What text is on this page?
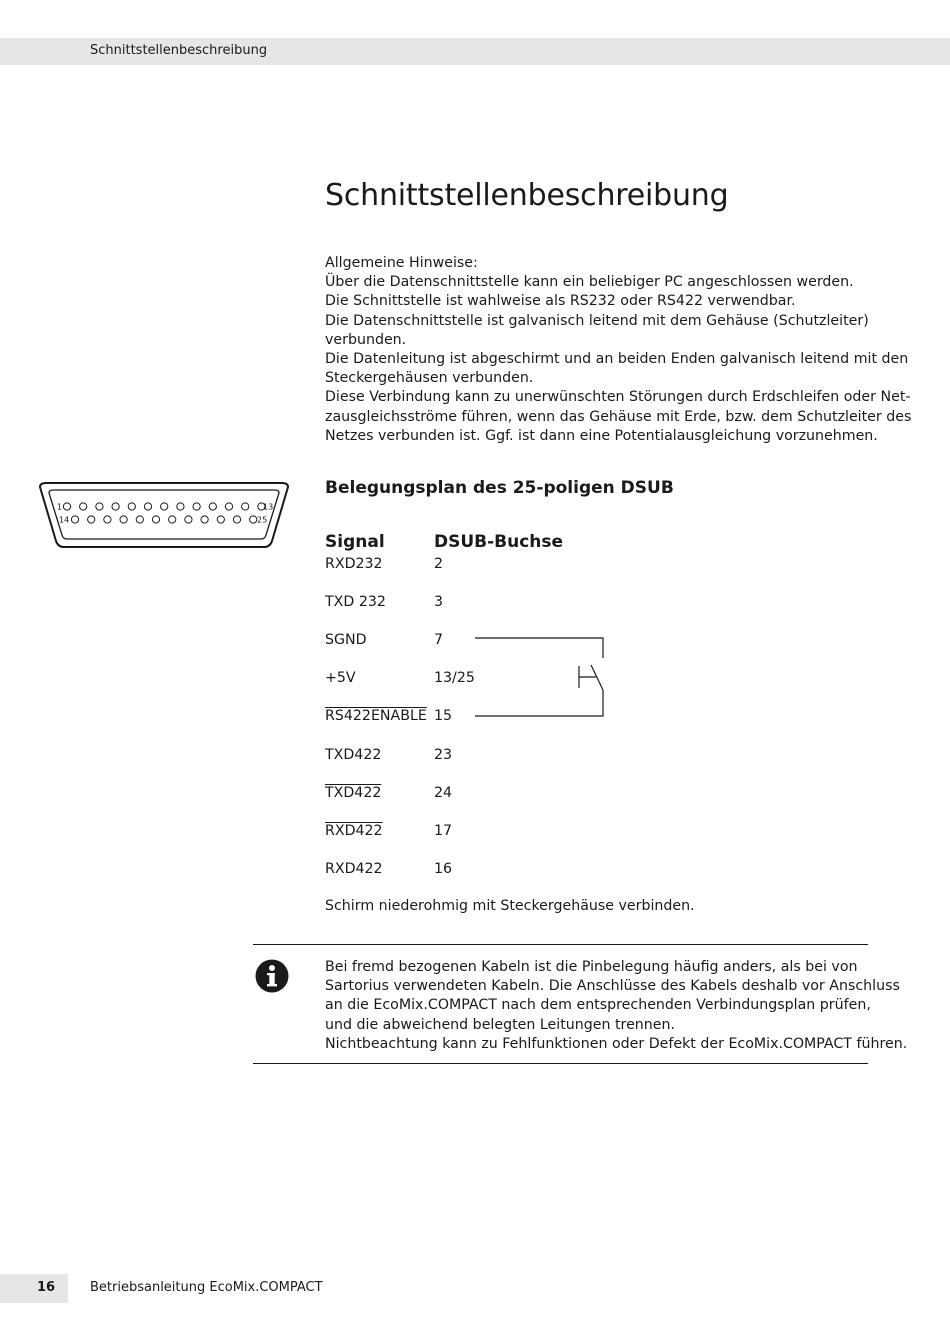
Schnittstellenbeschreibung
Schnittstellenbeschreibung
Allgemeine Hinweise:
Über die Datenschnittstelle kann ein beliebiger PC angeschlossen werden.
Die Schnittstelle ist wahlweise als RS232 oder RS422 verwendbar.
Die Datenschnittstelle ist galvanisch leitend mit dem Gehäuse (Schutzleiter)
verbunden.
Die Datenleitung ist abgeschirmt und an beiden Enden galvanisch leitend mit den
Steckergehäusen verbunden.
Diese Verbindung kann zu unerwünschten Störungen durch Erdschleifen oder Net-
zausgleichsströme führen, wenn das Gehäuse mit Erde, bzw. dem Schutzleiter des
Netzes verbunden ist. Ggf. ist dann eine Potentialausgleichung vorzunehmen.
1	13
14	25
Belegungsplan des 25-poligen DSUB
Signal	DSUB-Buchse
RXD232	2
TXD 232	3
SGND	7
+5V	13/25
RS422ENABLE 15
TXD422	23
TXD422	24
RXD422	17
RXD422	16
Schirm niederohmig mit Steckergehäuse verbinden.
Bei fremd bezogenen Kabeln ist die Pinbelegung häufig anders, als bei von
Sartorius verwendeten Kabeln. Die Anschlüsse des Kabels deshalb vor Anschluss
an die EcoMix.COMPACT nach dem entsprechenden Verbindungsplan prüfen,
und die abweichend belegten Leitungen trennen.
Nichtbeachtung kann zu Fehlfunktionen oder Defekt der EcoMix.COMPACT führen.
16	Betriebsanleitung EcoMix.COMPACT
